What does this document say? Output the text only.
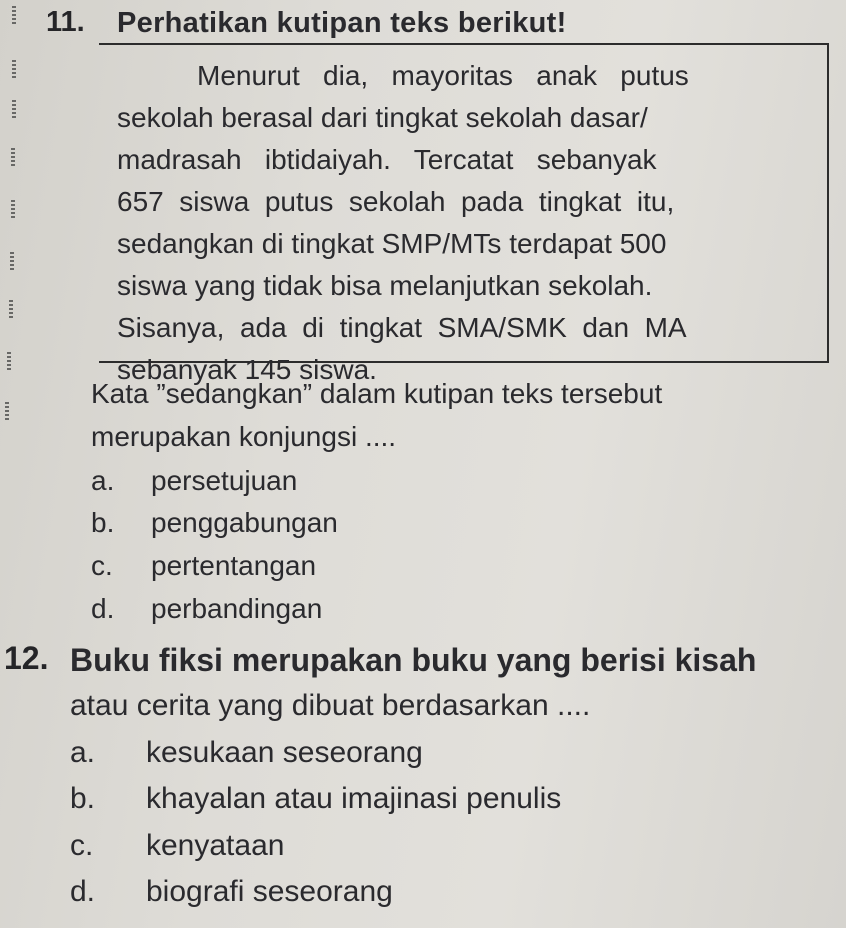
11. Perhatikan kutipan teks berikut!
Menurut   dia,   mayoritas   anak   putus
sekolah berasal dari tingkat sekolah dasar/
madrasah   ibtidaiyah.   Tercatat   sebanyak
657  siswa  putus  sekolah  pada  tingkat  itu,
sedangkan di tingkat SMP/MTs terdapat 500
siswa yang tidak bisa melanjutkan sekolah.
Sisanya,  ada  di  tingkat  SMA/SMK  dan  MA
sebanyak 145 siswa.
Kata ”sedangkan” dalam kutipan teks tersebut
merupakan konjungsi ....
a. persetujuan
b. penggabungan
c. pertentangan
d. perbandingan
12. Buku fiksi merupakan buku yang berisi kisah
atau cerita yang dibuat berdasarkan ....
a. kesukaan seseorang
b. khayalan atau imajinasi penulis
c. kenyataan
d. biografi seseorang
